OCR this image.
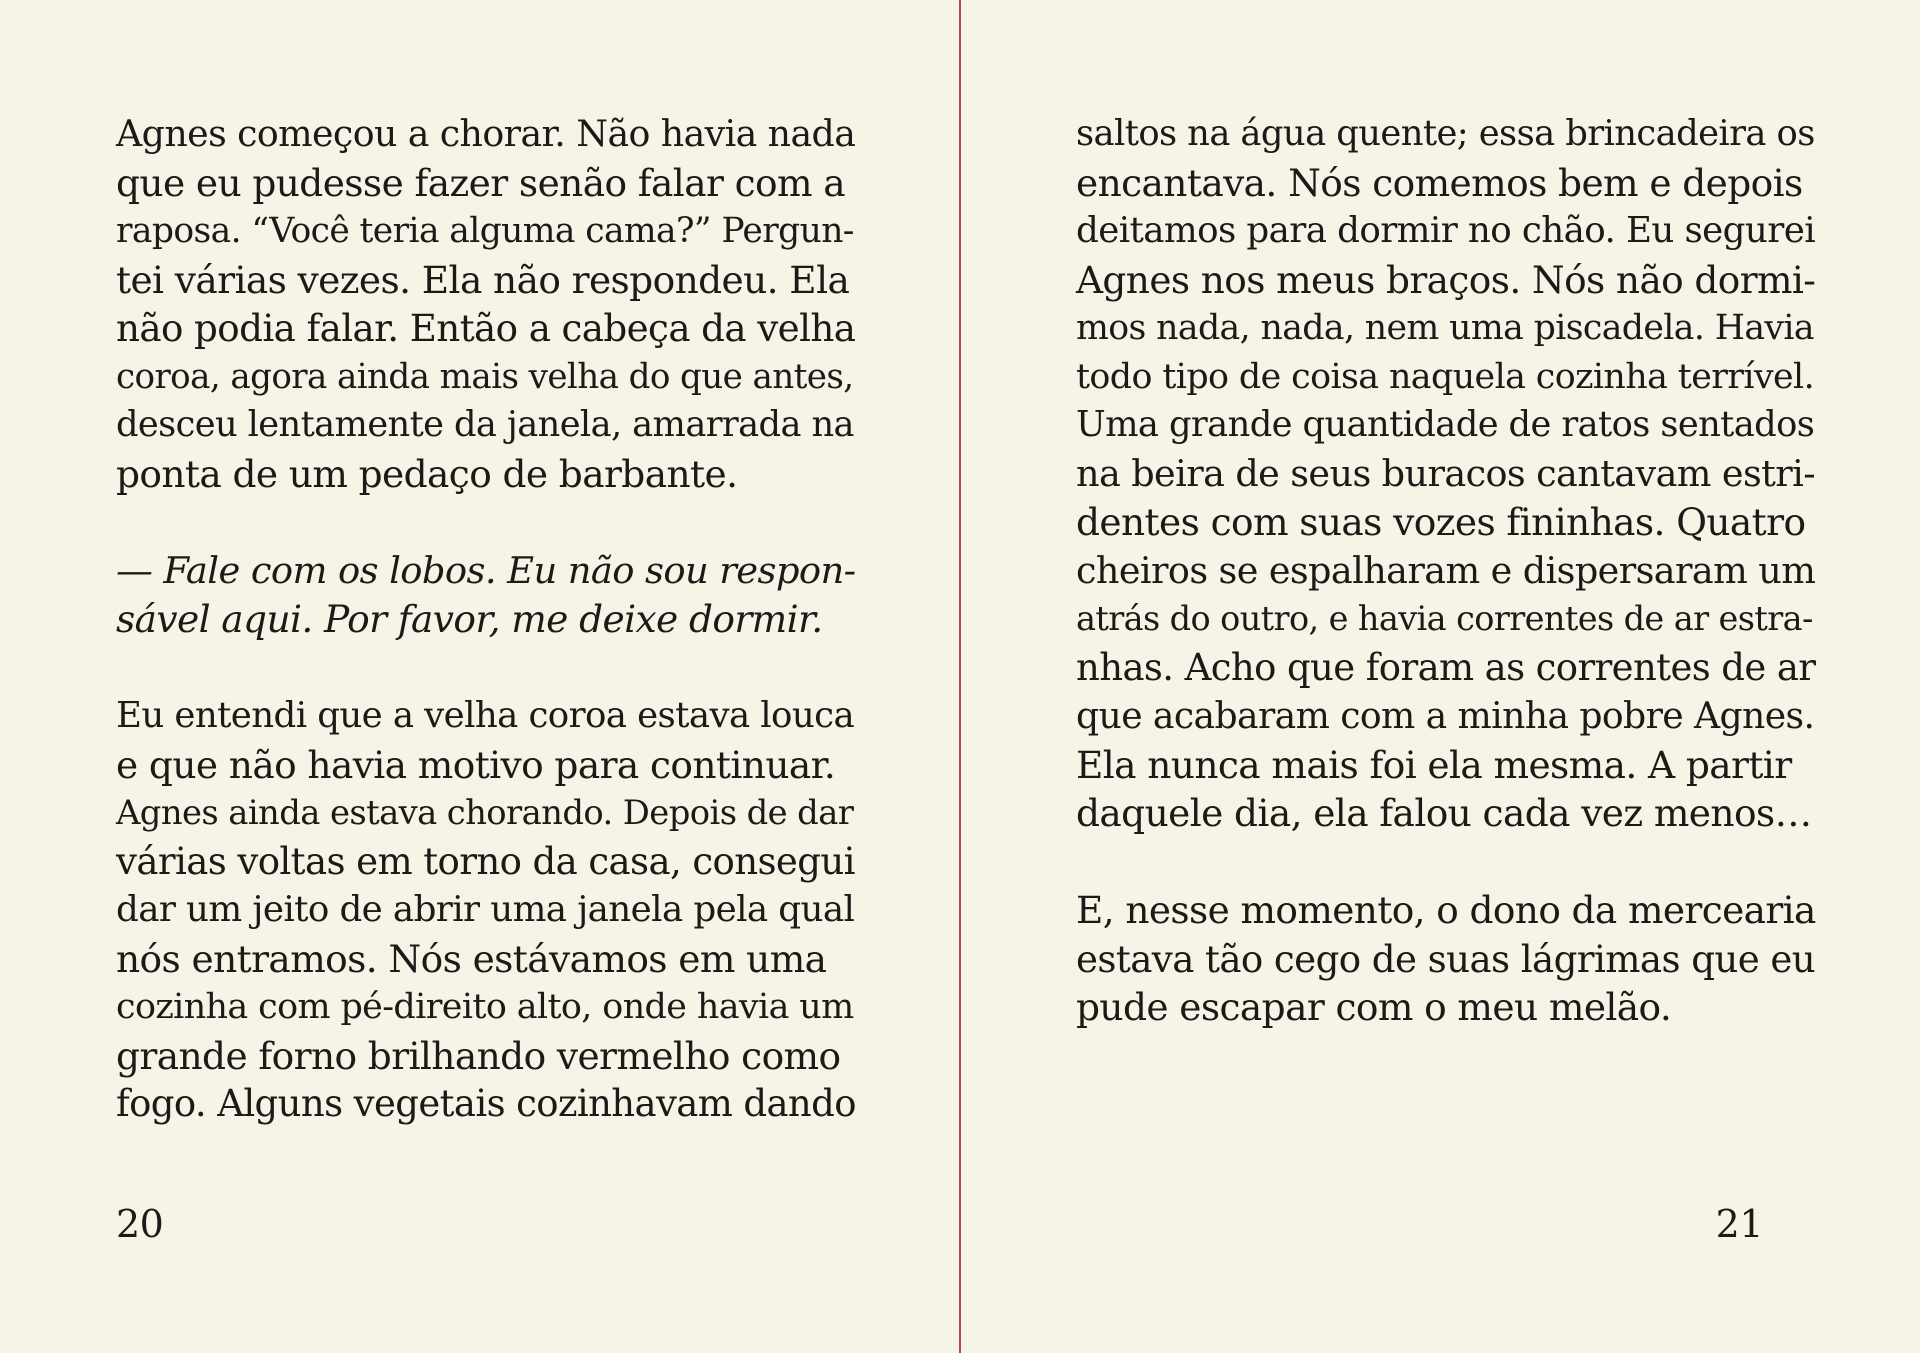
Agnes começou a chorar. Não havia nada
que eu pudesse fazer senão falar com a
raposa. “Você teria alguma cama?” Pergun-
tei várias vezes. Ela não respondeu. Ela
não podia falar. Então a cabeça da velha
coroa, agora ainda mais velha do que antes,
desceu lentamente da janela, amarrada na
ponta de um pedaço de barbante.
— Fale com os lobos. Eu não sou respon-
sável aqui. Por favor, me deixe dormir.
Eu entendi que a velha coroa estava louca
e que não havia motivo para continuar.
Agnes ainda estava chorando. Depois de dar
várias voltas em torno da casa, consegui
dar um jeito de abrir uma janela pela qual
nós entramos. Nós estávamos em uma
cozinha com pé-direito alto, onde havia um
grande forno brilhando vermelho como
fogo. Alguns vegetais cozinhavam dando
20
saltos na água quente; essa brincadeira os
encantava. Nós comemos bem e depois
deitamos para dormir no chão. Eu segurei
Agnes nos meus braços. Nós não dormi-
mos nada, nada, nem uma piscadela. Havia
todo tipo de coisa naquela cozinha terrível.
Uma grande quantidade de ratos sentados
na beira de seus buracos cantavam estri-
dentes com suas vozes fininhas. Quatro
cheiros se espalharam e dispersaram um
atrás do outro, e havia correntes de ar estra-
nhas. Acho que foram as correntes de ar
que acabaram com a minha pobre Agnes.
Ela nunca mais foi ela mesma. A partir
daquele dia, ela falou cada vez menos…
E, nesse momento, o dono da mercearia
estava tão cego de suas lágrimas que eu
pude escapar com o meu melão.
21
